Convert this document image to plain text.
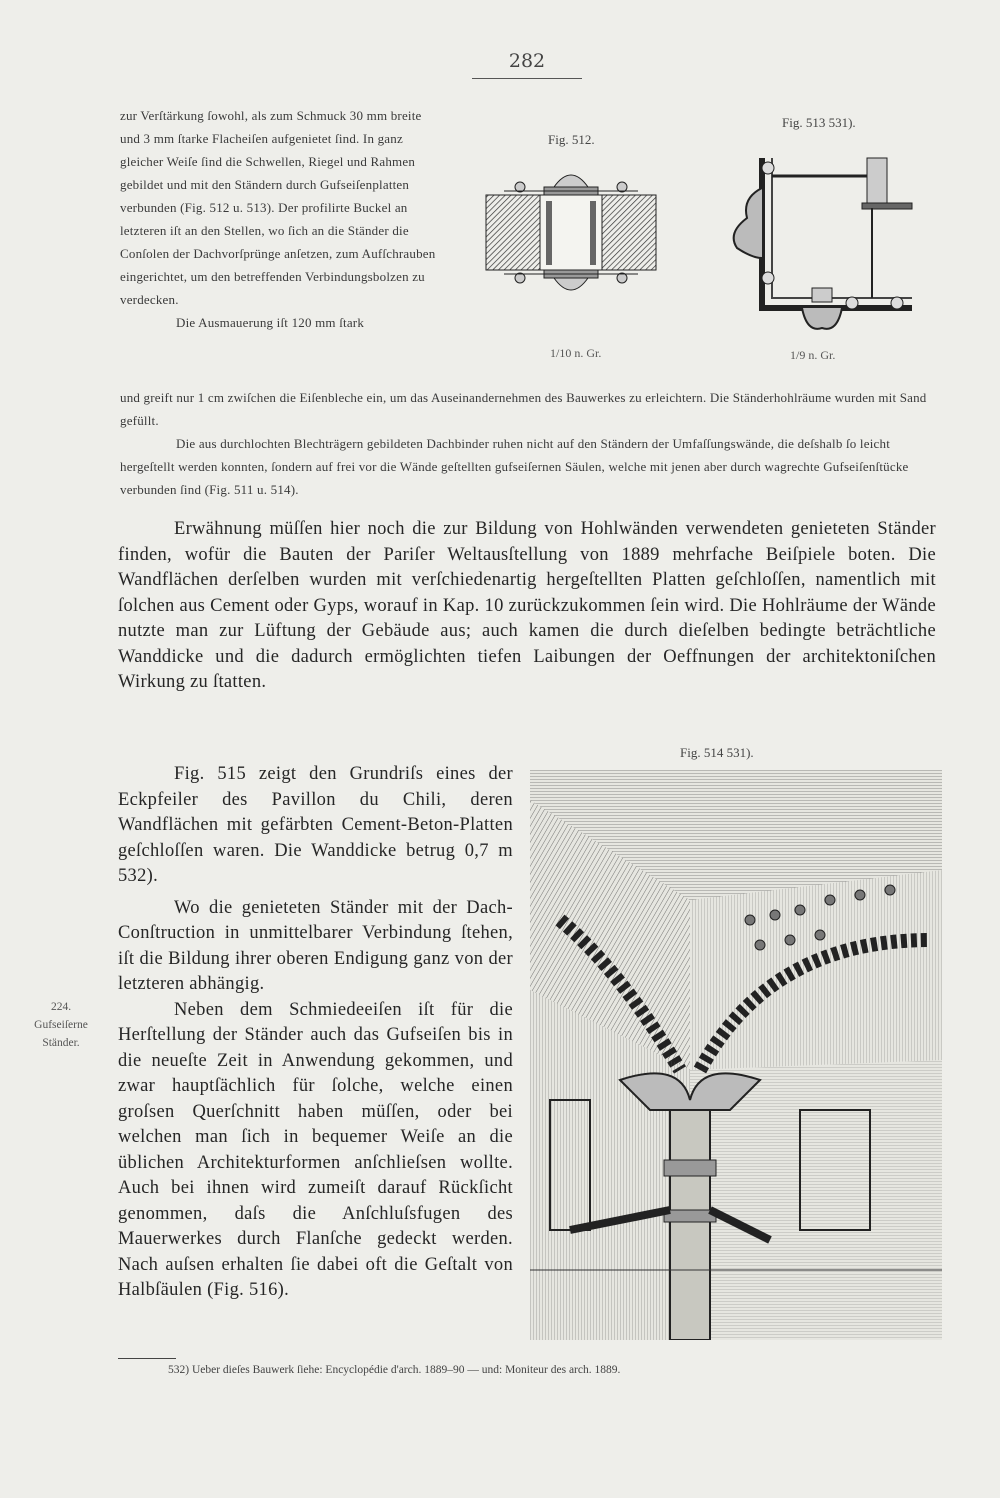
282

zur Verſtärkung ſowohl, als zum Schmuck 30 mm breite und 3 mm ſtarke Flacheiſen aufgenietet ſind. In ganz gleicher Weiſe ſind die Schwellen, Riegel und Rahmen gebildet und mit den Ständern durch Gufseiſenplatten verbunden (Fig. 512 u. 513). Der profilirte Buckel an letzteren iſt an den Stellen, wo ſich an die Ständer die Conſolen der Dachvorſprünge anſetzen, zum Aufſchrauben eingerichtet, um den betreffenden Verbindungsbolzen zu verdecken.

Die Ausmauerung iſt 120 mm ſtark

und greift nur 1 cm zwiſchen die Eiſenbleche ein, um das Auseinandernehmen des Bauwerkes zu erleichtern. Die Ständerhohlräume wurden mit Sand gefüllt.

Die aus durchlochten Blechträgern gebildeten Dachbinder ruhen nicht auf den Ständern der Umfaſſungswände, die deſshalb ſo leicht hergeſtellt werden konnten, ſondern auf frei vor die Wände geſtellten gufseiſernen Säulen, welche mit jenen aber durch wagrechte Gufseiſenſtücke verbunden ſind (Fig. 511 u. 514).

Fig. 512.
1/10 n. Gr.
Fig. 513 531).
1/9 n. Gr.

Erwähnung müſſen hier noch die zur Bildung von Hohlwänden verwendeten genieteten Ständer finden, wofür die Bauten der Pariſer Weltausſtellung von 1889 mehrfache Beiſpiele boten. Die Wandflächen derſelben wurden mit verſchiedenartig hergeſtellten Platten geſchloſſen, namentlich mit ſolchen aus Cement oder Gyps, worauf in Kap. 10 zurückzukommen ſein wird. Die Hohlräume der Wände nutzte man zur Lüftung der Gebäude aus; auch kamen die durch dieſelben bedingte beträchtliche Wanddicke und die dadurch ermöglichten tiefen Laibungen der Oeffnungen der architektoniſchen Wirkung zu ſtatten.

Fig. 514 531).

Fig. 515 zeigt den Grundriſs eines der Eckpfeiler des Pavillon du Chili, deren Wandflächen mit gefärbten Cement-Beton-Platten geſchloſſen waren. Die Wanddicke betrug 0,7 m 532).

Wo die genieteten Ständer mit der Dach-Conſtruction in unmittelbarer Verbindung ſtehen, iſt die Bildung ihrer oberen Endigung ganz von der letzteren abhängig.

Neben dem Schmiedeeiſen iſt für die Herſtellung der Ständer auch das Gufseiſen bis in die neueſte Zeit in Anwendung gekommen, und zwar hauptſächlich für ſolche, welche einen groſsen Querſchnitt haben müſſen, oder bei welchen man ſich in bequemer Weiſe an die üblichen Architekturformen anſchlieſsen wollte. Auch bei ihnen wird zumeiſt darauf Rückſicht genommen, daſs die Anſchluſsfugen des Mauerwerkes durch Flanſche gedeckt werden. Nach auſsen erhalten ſie dabei oft die Geſtalt von Halbſäulen (Fig. 516).

224.
Gufseiſerne
Ständer.
532) Ueber dieſes Bauwerk ſiehe: Encyclopédie d'arch. 1889–90 — und: Moniteur des arch. 1889.
